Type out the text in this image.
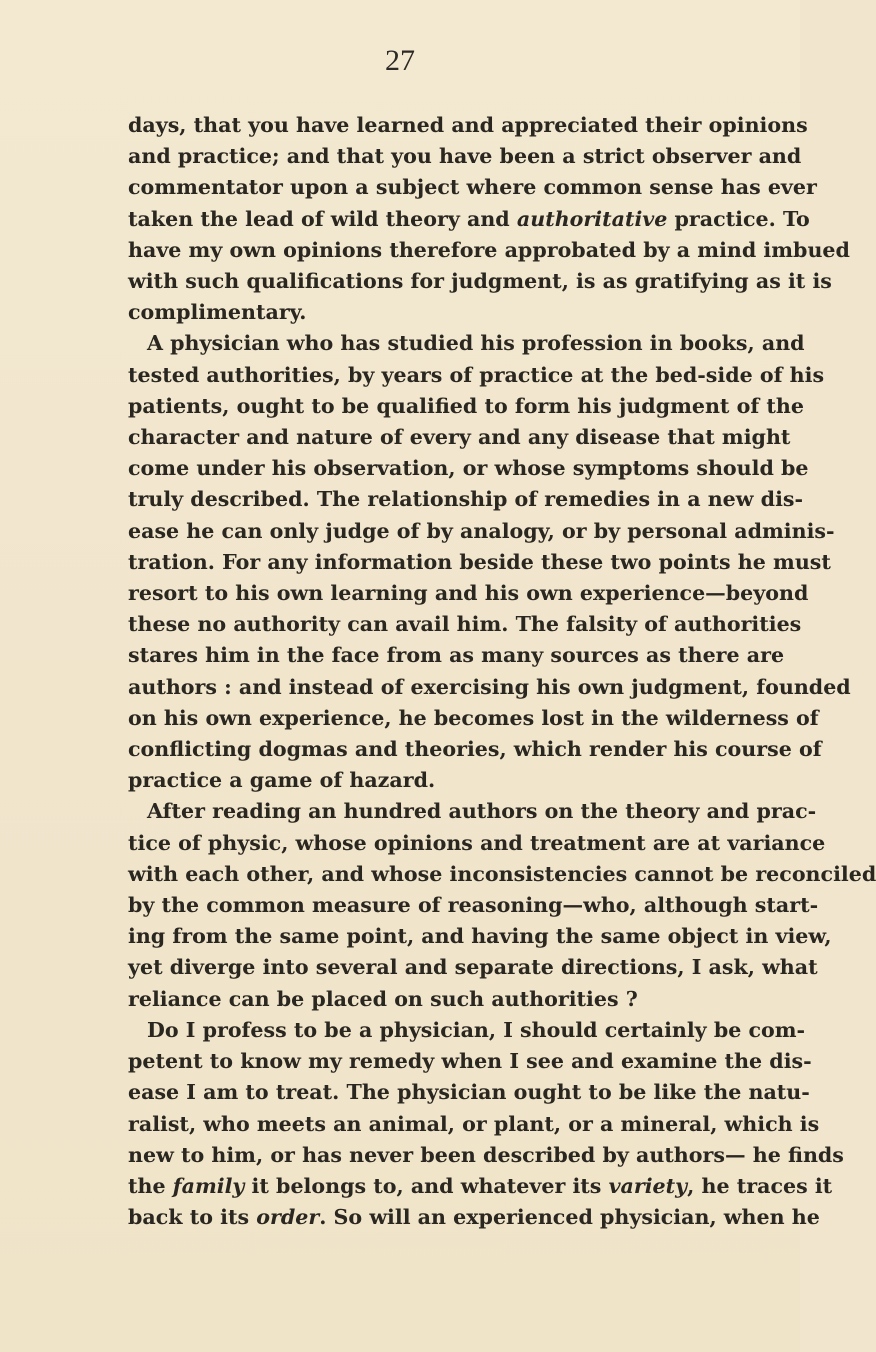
27
days, that you have learned and appreciated their opinions
and practice; and that you have been a strict observer and
commentator upon a subject where common sense has ever
taken the lead of wild theory and authoritative practice. To
have my own opinions therefore approbated by a mind imbued
with such qualifications for judgment, is as gratifying as it is
complimentary.
A physician who has studied his profession in books, and
tested authorities, by years of practice at the bed-side of his
patients, ought to be qualified to form his judgment of the
character and nature of every and any disease that might
come under his observation, or whose symptoms should be
truly described. The relationship of remedies in a new dis-
ease he can only judge of by analogy, or by personal adminis-
tration. For any information beside these two points he must
resort to his own learning and his own experience—beyond
these no authority can avail him. The falsity of authorities
stares him in the face from as many sources as there are
authors : and instead of exercising his own judgment, founded
on his own experience, he becomes lost in the wilderness of
conflicting dogmas and theories, which render his course of
practice a game of hazard.
After reading an hundred authors on the theory and prac-
tice of physic, whose opinions and treatment are at variance
with each other, and whose inconsistencies cannot be reconciled
by the common measure of reasoning—who, although start-
ing from the same point, and having the same object in view,
yet diverge into several and separate directions, I ask, what
reliance can be placed on such authorities ?
Do I profess to be a physician, I should certainly be com-
petent to know my remedy when I see and examine the dis-
ease I am to treat. The physician ought to be like the natu-
ralist, who meets an animal, or plant, or a mineral, which is
new to him, or has never been described by authors— he finds
the family it belongs to, and whatever its variety, he traces it
back to its order. So will an experienced physician, when he
